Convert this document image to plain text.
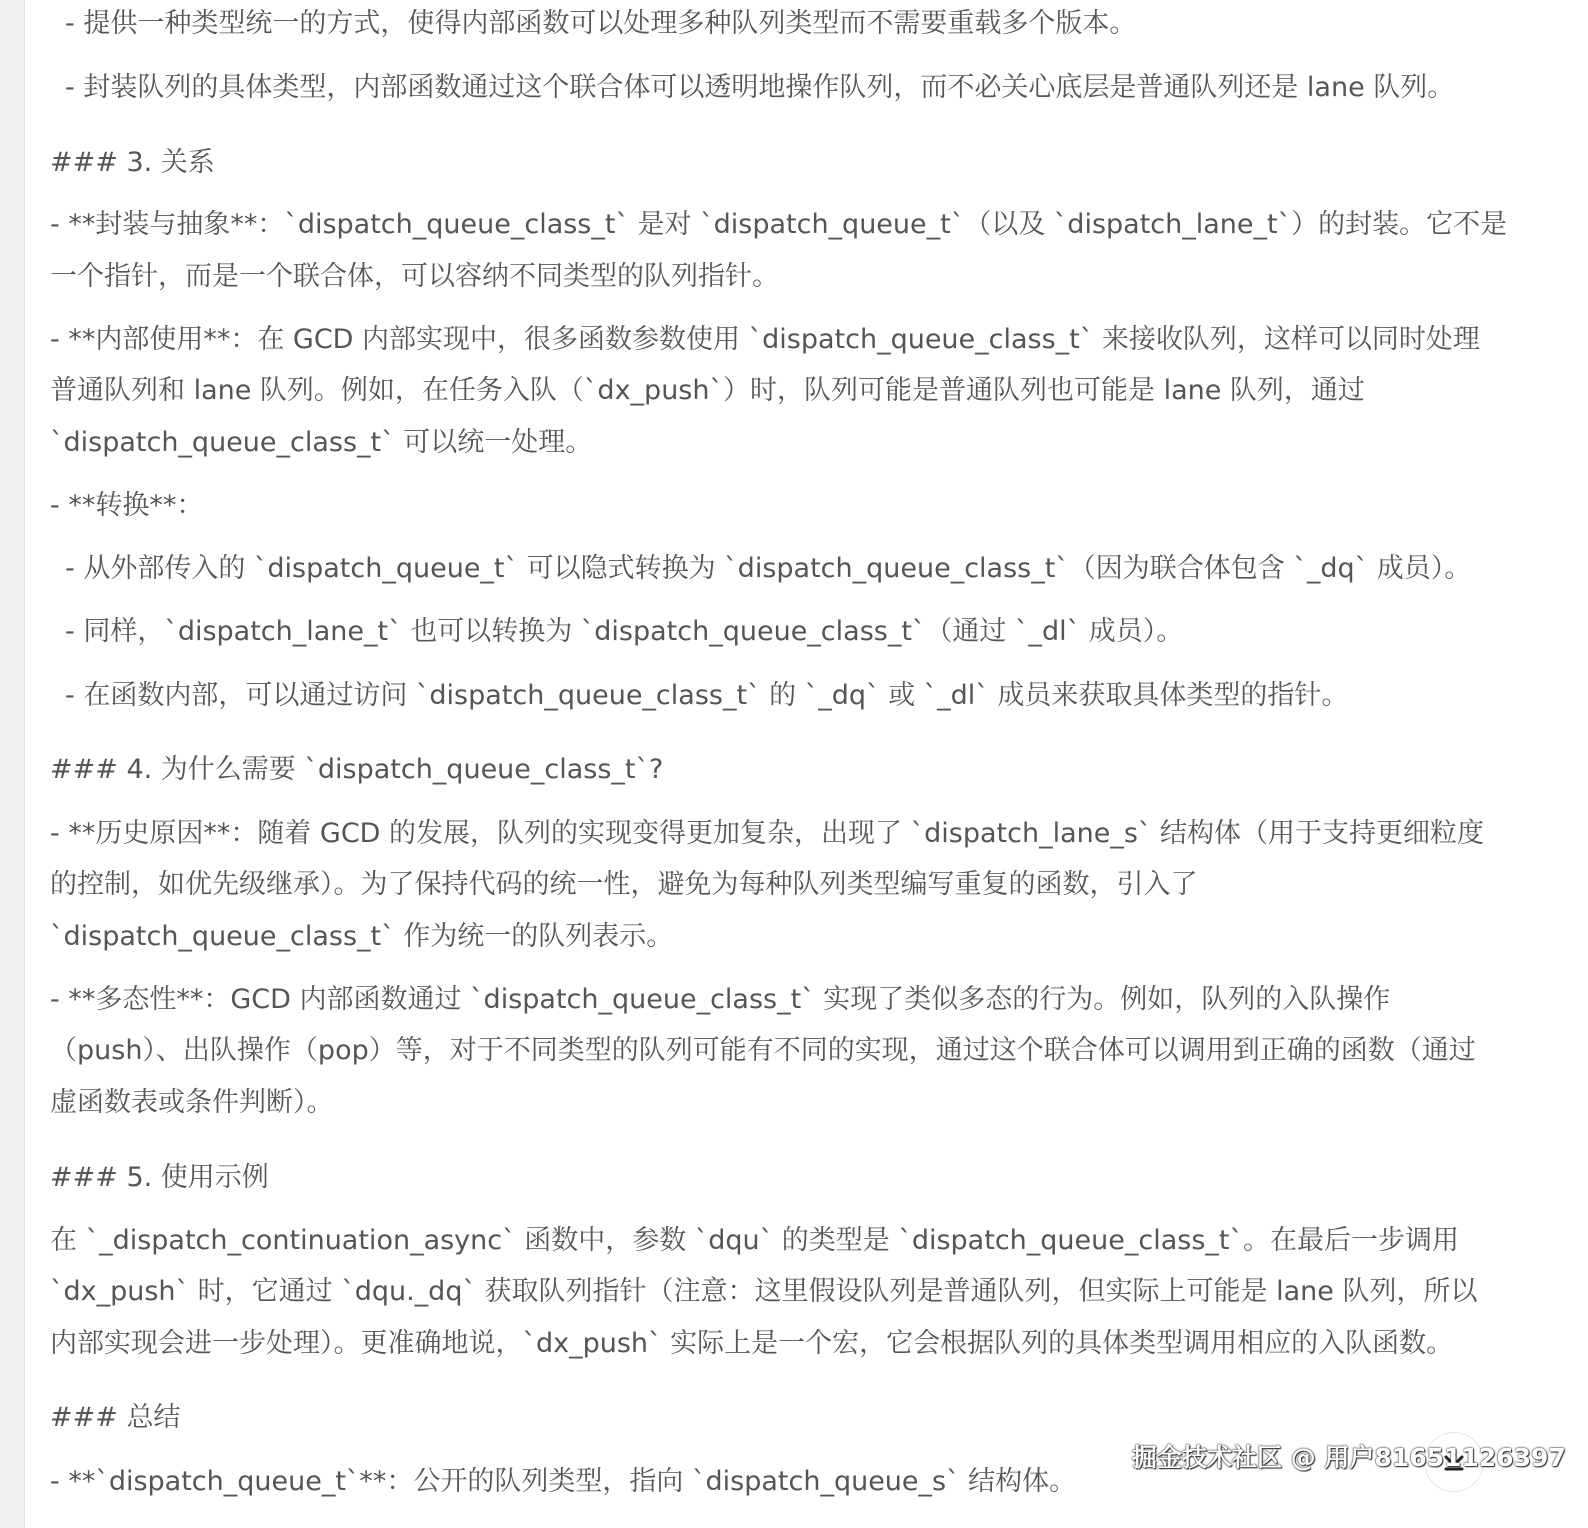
- 提供一种类型统一的方式，使得内部函数可以处理多种队列类型而不需要重载多个版本。
- 封装队列的具体类型，内部函数通过这个联合体可以透明地操作队列，而不必关心底层是普通队列还是 lane 队列。
### 3. 关系
- **封装与抽象**：`dispatch_queue_class_t` 是对 `dispatch_queue_t`（以及 `dispatch_lane_t`）的封装。它不是
一个指针，而是一个联合体，可以容纳不同类型的队列指针。
- **内部使用**：在 GCD 内部实现中，很多函数参数使用 `dispatch_queue_class_t` 来接收队列，这样可以同时处理
普通队列和 lane 队列。例如，在任务入队（`dx_push`）时，队列可能是普通队列也可能是 lane 队列，通过
`dispatch_queue_class_t` 可以统一处理。
- **转换**：
- 从外部传入的 `dispatch_queue_t` 可以隐式转换为 `dispatch_queue_class_t`（因为联合体包含 `_dq` 成员）。
- 同样，`dispatch_lane_t` 也可以转换为 `dispatch_queue_class_t`（通过 `_dl` 成员）。
- 在函数内部，可以通过访问 `dispatch_queue_class_t` 的 `_dq` 或 `_dl` 成员来获取具体类型的指针。
### 4. 为什么需要 `dispatch_queue_class_t`?
- **历史原因**：随着 GCD 的发展，队列的实现变得更加复杂，出现了 `dispatch_lane_s` 结构体（用于支持更细粒度
的控制，如优先级继承）。为了保持代码的统一性，避免为每种队列类型编写重复的函数，引入了
`dispatch_queue_class_t` 作为统一的队列表示。
- **多态性**：GCD 内部函数通过 `dispatch_queue_class_t` 实现了类似多态的行为。例如，队列的入队操作
（push）、出队操作（pop）等，对于不同类型的队列可能有不同的实现，通过这个联合体可以调用到正确的函数（通过
虚函数表或条件判断）。
### 5. 使用示例
在 `_dispatch_continuation_async` 函数中，参数 `dqu` 的类型是 `dispatch_queue_class_t`。在最后一步调用
`dx_push` 时，它通过 `dqu._dq` 获取队列指针（注意：这里假设队列是普通队列，但实际上可能是 lane 队列，所以
内部实现会进一步处理）。更准确地说，`dx_push` 实际上是一个宏，它会根据队列的具体类型调用相应的入队函数。
### 总结
- **`dispatch_queue_t`**：公开的队列类型，指向 `dispatch_queue_s` 结构体。
掘金技术社区 @ 用户8165112639​7
